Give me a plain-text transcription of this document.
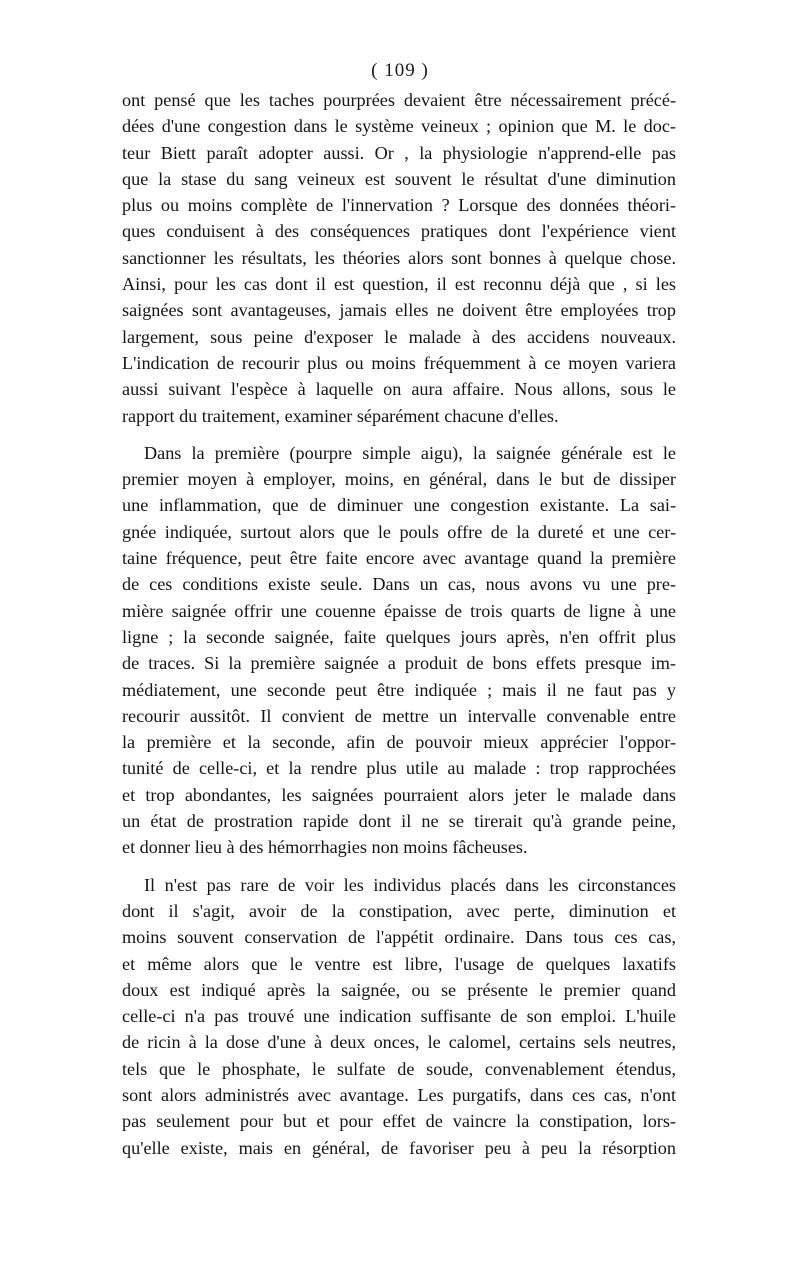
( 109 )
ont pensé que les taches pourprées devaient être nécessairement précé-
dées d'une congestion dans le système veineux ; opinion que M. le doc-
teur Biett paraît adopter aussi. Or , la physiologie n'apprend-elle pas
que la stase du sang veineux est souvent le résultat d'une diminution
plus ou moins complète de l'innervation ? Lorsque des données théori-
ques conduisent à des conséquences pratiques dont l'expérience vient
sanctionner les résultats, les théories alors sont bonnes à quelque chose.
Ainsi, pour les cas dont il est question, il est reconnu déjà que , si les
saignées sont avantageuses, jamais elles ne doivent être employées trop
largement, sous peine d'exposer le malade à des accidens nouveaux.
L'indication de recourir plus ou moins fréquemment à ce moyen variera
aussi suivant l'espèce à laquelle on aura affaire. Nous allons, sous le
rapport du traitement, examiner séparément chacune d'elles.
Dans la première (pourpre simple aigu), la saignée générale est le
premier moyen à employer, moins, en général, dans le but de dissiper
une inflammation, que de diminuer une congestion existante. La sai-
gnée indiquée, surtout alors que le pouls offre de la dureté et une cer-
taine fréquence, peut être faite encore avec avantage quand la première
de ces conditions existe seule. Dans un cas, nous avons vu une pre-
mière saignée offrir une couenne épaisse de trois quarts de ligne à une
ligne ; la seconde saignée, faite quelques jours après, n'en offrit plus
de traces. Si la première saignée a produit de bons effets presque im-
médiatement, une seconde peut être indiquée ; mais il ne faut pas y
recourir aussitôt. Il convient de mettre un intervalle convenable entre
la première et la seconde, afin de pouvoir mieux apprécier l'oppor-
tunité de celle-ci, et la rendre plus utile au malade : trop rapprochées
et trop abondantes, les saignées pourraient alors jeter le malade dans
un état de prostration rapide dont il ne se tirerait qu'à grande peine,
et donner lieu à des hémorrhagies non moins fâcheuses.
Il n'est pas rare de voir les individus placés dans les circonstances
dont il s'agit, avoir de la constipation, avec perte, diminution et
moins souvent conservation de l'appétit ordinaire. Dans tous ces cas,
et même alors que le ventre est libre, l'usage de quelques laxatifs
doux est indiqué après la saignée, ou se présente le premier quand
celle-ci n'a pas trouvé une indication suffisante de son emploi. L'huile
de ricin à la dose d'une à deux onces, le calomel, certains sels neutres,
tels que le phosphate, le sulfate de soude, convenablement étendus,
sont alors administrés avec avantage. Les purgatifs, dans ces cas, n'ont
pas seulement pour but et pour effet de vaincre la constipation, lors-
qu'elle existe, mais en général, de favoriser peu à peu la résorption
